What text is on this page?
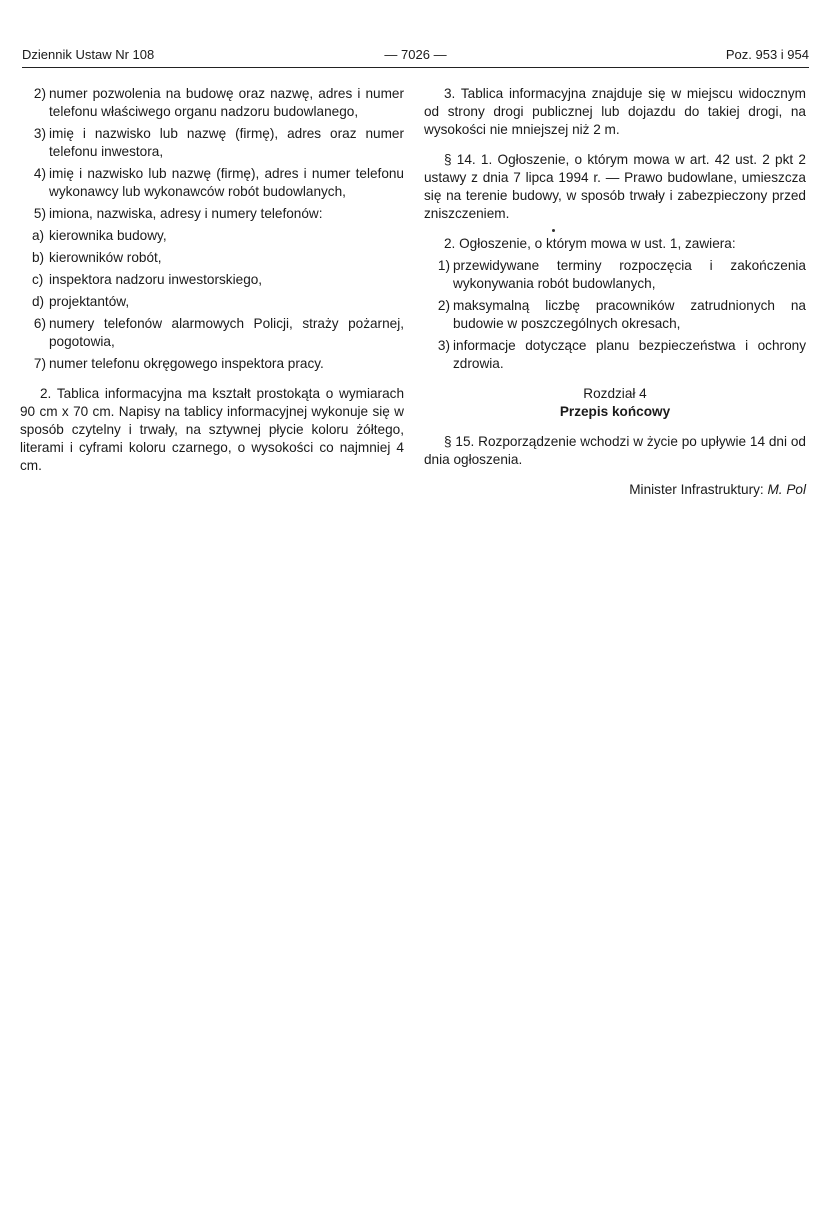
Dziennik Ustaw Nr 108	— 7026 —	Poz. 953 i 954
2) numer pozwolenia na budowę oraz nazwę, adres i numer telefonu właściwego organu nadzoru budowlanego,
3) imię i nazwisko lub nazwę (firmę), adres oraz numer telefonu inwestora,
4) imię i nazwisko lub nazwę (firmę), adres i numer telefonu wykonawcy lub wykonawców robót budowlanych,
5) imiona, nazwiska, adresy i numery telefonów:
a) kierownika budowy,
b) kierowników robót,
c) inspektora nadzoru inwestorskiego,
d) projektantów,
6) numery telefonów alarmowych Policji, straży pożarnej, pogotowia,
7) numer telefonu okręgowego inspektora pracy.

2. Tablica informacyjna ma kształt prostokąta o wymiarach 90 cm x 70 cm. Napisy na tablicy informacyjnej wykonuje się w sposób czytelny i trwały, na sztywnej płycie koloru żółtego, literami i cyframi koloru czarnego, o wysokości co najmniej 4 cm.

3. Tablica informacyjna znajduje się w miejscu widocznym od strony drogi publicznej lub dojazdu do takiej drogi, na wysokości nie mniejszej niż 2 m.

§ 14. 1. Ogłoszenie, o którym mowa w art. 42 ust. 2 pkt 2 ustawy z dnia 7 lipca 1994 r. — Prawo budowlane, umieszcza się na terenie budowy, w sposób trwały i zabezpieczony przed zniszczeniem.

2. Ogłoszenie, o którym mowa w ust. 1, zawiera:

1) przewidywane terminy rozpoczęcia i zakończenia wykonywania robót budowlanych,
2) maksymalną liczbę pracowników zatrudnionych na budowie w poszczególnych okresach,
3) informacje dotyczące planu bezpieczeństwa i ochrony zdrowia.

Rozdział 4

Przepis końcowy

§ 15. Rozporządzenie wchodzi w życie po upływie 14 dni od dnia ogłoszenia.

Minister Infrastruktury: M. Pol
